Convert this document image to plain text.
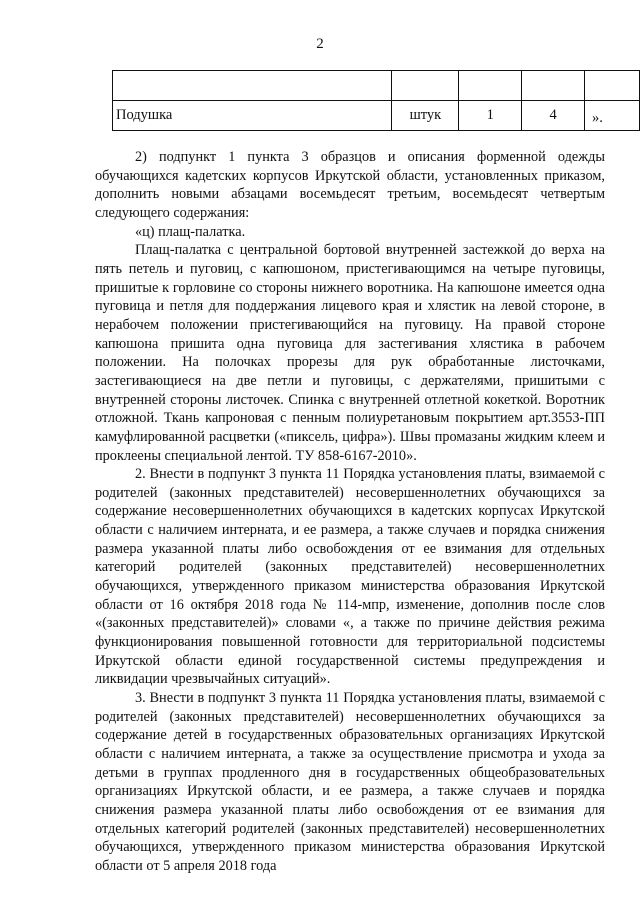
2

Подушка	штук	1	4	».

2) подпункт 1 пункта 3 образцов и описания форменной одежды обучающихся кадетских корпусов Иркутской области, установленных приказом, дополнить новыми абзацами восемьдесят третьим, восемьдесят четвертым следующего содержания:

«ц) плащ-палатка.

Плащ-палатка с центральной бортовой внутренней застежкой до верха на пять петель и пуговиц, с капюшоном, пристегивающимся на четыре пуговицы, пришитые к горловине со стороны нижнего воротника. На капюшоне имеется одна пуговица и петля для поддержания лицевого края и хлястик на левой стороне, в нерабочем положении пристегивающийся на пуговицу. На правой стороне капюшона пришита одна пуговица для застегивания хлястика в рабочем положении. На полочках прорезы для рук обработанные листочками, застегивающиеся на две петли и пуговицы, с держателями, пришитыми с внутренней стороны листочек. Спинка с внутренней отлетной кокеткой. Воротник отложной. Ткань капроновая с пенным полиуретановым покрытием арт.3553-ПП камуфлированной расцветки («пиксель, цифра»). Швы промазаны жидким клеем и проклеены специальной лентой. ТУ 858-6167-2010».

2. Внести в подпункт 3 пункта 11 Порядка установления платы, взимаемой с родителей (законных представителей) несовершеннолетних обучающихся за содержание несовершеннолетних обучающихся в кадетских корпусах Иркутской области с наличием интерната, и ее размера, а также случаев и порядка снижения размера указанной платы либо освобождения от ее взимания для отдельных категорий родителей (законных представителей) несовершеннолетних обучающихся, утвержденного приказом министерства образования Иркутской области от 16 октября 2018 года № 114-мпр, изменение, дополнив после слов «(законных представителей)» словами «, а также по причине действия режима функционирования повышенной готовности для территориальной подсистемы Иркутской области единой государственной системы предупреждения и ликвидации чрезвычайных ситуаций».

3. Внести в подпункт 3 пункта 11 Порядка установления платы, взимаемой с родителей (законных представителей) несовершеннолетних обучающихся за содержание детей в государственных образовательных организациях Иркутской области с наличием интерната, а также за осуществление присмотра и ухода за детьми в группах продленного дня в государственных общеобразовательных организациях Иркутской области, и ее размера, а также случаев и порядка снижения размера указанной платы либо освобождения от ее взимания для отдельных категорий родителей (законных представителей) несовершеннолетних обучающихся, утвержденного приказом министерства образования Иркутской области от 5 апреля 2018 года
